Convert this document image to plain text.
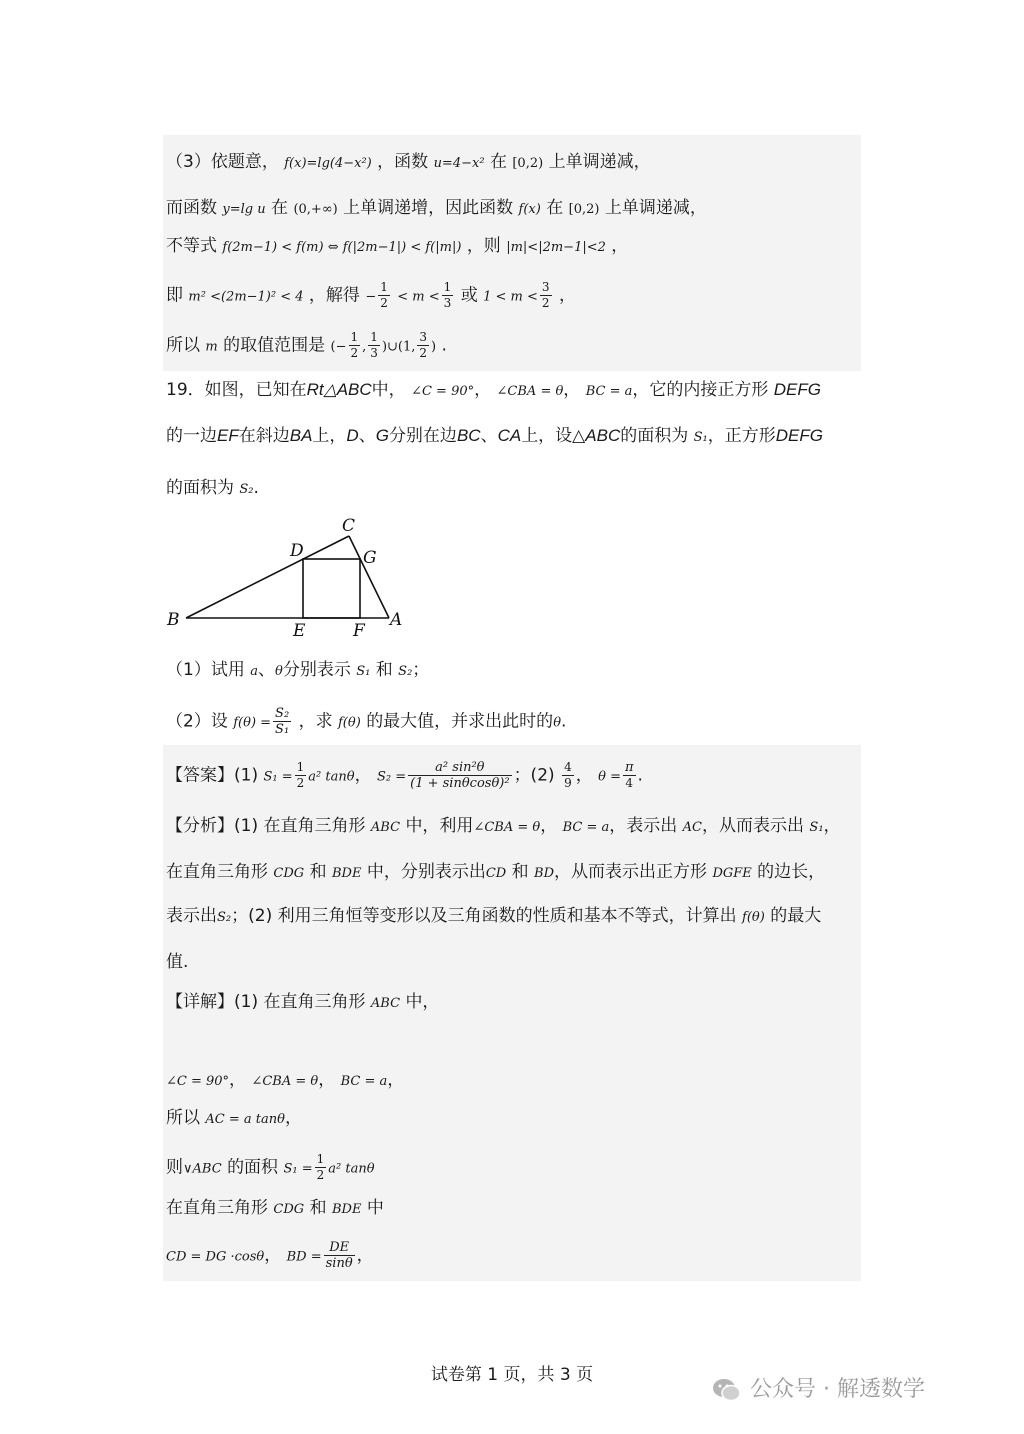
（3）依题意， f(x)=lg(4−x²) ，函数 u=4−x² 在 [0,2) 上单调递减，
而函数 y=lg u 在 (0,+∞) 上单调递增，因此函数 f(x) 在 [0,2) 上单调递减，
不等式 f(2m−1) < f(m) ⇔ f(|2m−1|) < f(|m|) ，则 |m|<|2m−1|<2 ，
即 m² <(2m−1)² < 4 ，解得 − $\frac{1}{2} < m < \frac{1}{3}$ 或 $1 < m < \frac{3}{2}$ ，
所以 m 的取值范围是 (− $\frac{1}{2}$ , $\frac{1}{3}$ )∪(1, $\frac{3}{2}$ ) .
19．如图，已知在Rt△ABC中， ∠C = 90°， ∠CBA = θ， BC = a，它的内接正方形 DEFG
的一边EF在斜边BA上，D、G分别在边BC、CA上，设△ABC的面积为 S₁，正方形DEFG
的面积为 S₂.
C
D	G
B
E	F
A
（1）试用 a、θ分别表示 S₁ 和 S₂；
（2）设 $f(\theta) = \frac{\text{S₂}}{\text{S₁}}$ ，求 f(θ) 的最大值，并求出此时的θ.
【答案】(1) $S_1 = \frac{1}{2} a^2$ tanθ， $S_2 = \frac{\text{a² sin²θ}}{\text{(1 + sinθcosθ)²}}$ ；$(2) \frac{4}{9}$ ， $\theta = \frac{\pi}{4}$ .
【分析】(1) 在直角三角形 ABC 中，利用∠CBA = θ， BC = a，表示出 AC，从而表示出 S₁，
在直角三角形 CDG 和 BDE 中，分别表示出CD 和 BD，从而表示出正方形 DGFE 的边长，
表示出S₂；(2) 利用三角恒等变形以及三角函数的性质和基本不等式，计算出 f(θ) 的最大
值.
【详解】(1) 在直角三角形 ABC 中，
∠C = 90°， ∠CBA = θ， BC = a，
所以 AC = a tanθ，
则∨ABC 的面积 $S_1 = \frac{1}{2} a^2$ tanθ
在直角三角形 CDG 和 BDE 中
CD = DG ·cosθ， BD = $\frac{DE}{\sin\theta}$ ，
试卷第 1 页，共 3 页
公众号 · 解透数学
